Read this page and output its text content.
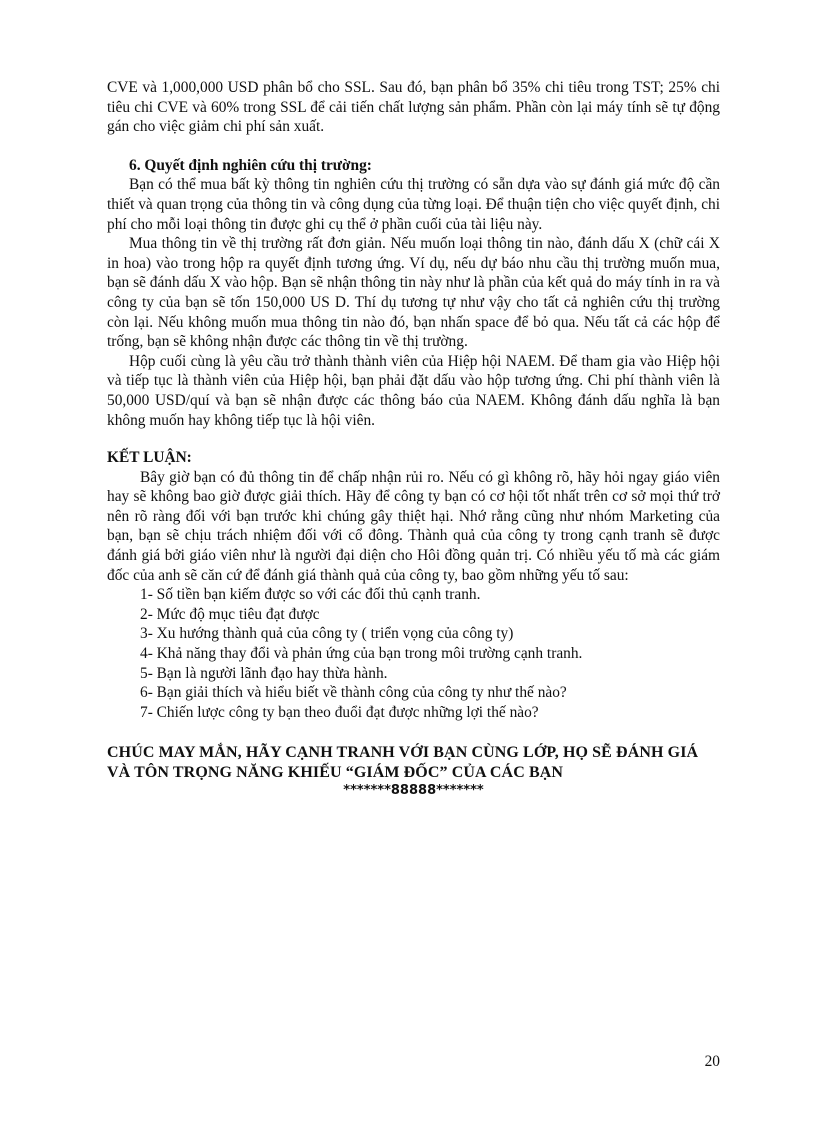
CVE và 1,000,000 USD phân bổ cho SSL. Sau đó, bạn phân bổ 35% chi tiêu trong TST; 25% chi tiêu chi CVE và 60% trong SSL để cải tiến chất lượng sản phẩm. Phần còn lại máy tính sẽ tự động gán cho việc giảm chi phí sản xuất.

6. Quyết định nghiên cứu thị trường:

Bạn có thể mua bất kỳ thông tin nghiên cứu thị trường có sẵn dựa vào sự đánh giá mức độ cần thiết và quan trọng của thông tin và công dụng của từng loại. Để thuận tiện cho việc quyết định, chi phí cho mỗi loại thông tin được ghi cụ thể ở phần cuối của tài liệu này.

Mua thông tin về thị trường rất đơn giản. Nếu muốn loại thông tin nào, đánh dấu X (chữ cái X in hoa) vào trong hộp ra quyết định tương ứng. Ví dụ, nếu dự báo nhu cầu thị trường muốn mua, bạn sẽ đánh dấu X vào hộp. Bạn sẽ nhận thông tin này như là phần của kết quả do máy tính in ra và công ty của bạn sẽ tốn 150,000 US D. Thí dụ tương tự như vậy cho tất cả nghiên cứu thị trường còn lại. Nếu không muốn mua thông tin nào đó, bạn nhấn space để bỏ qua. Nếu tất cả các hộp để trống, bạn sẽ không nhận được các thông tin về thị trường.

Hộp cuối cùng là yêu cầu trở thành thành viên của Hiệp hội NAEM. Để tham gia vào Hiệp hội và tiếp tục là thành viên của Hiệp hội, bạn phải đặt dấu vào hộp tương ứng. Chi phí thành viên là 50,000 USD/quí và bạn sẽ nhận được các thông báo của NAEM. Không đánh dấu nghĩa là bạn không muốn hay không tiếp tục là hội viên.

KẾT LUẬN:

Bây giờ bạn có đủ thông tin để chấp nhận rủi ro. Nếu có gì không rõ, hãy hỏi ngay giáo viên hay sẽ không bao giờ được giải thích. Hãy để công ty bạn có cơ hội tốt nhất trên cơ sở mọi thứ trở nên rõ ràng đối với bạn trước khi chúng gây thiệt hại. Nhớ rằng cũng như nhóm Marketing của bạn, bạn sẽ chịu trách nhiệm đối với cổ đông. Thành quả của công ty trong cạnh tranh sẽ được đánh giá bởi giáo viên như là người đại diện cho Hôi đồng quản trị. Có nhiều yếu tố mà các giám đốc của anh sẽ căn cứ để đánh giá thành quả của công ty, bao gồm những yếu tố sau:

1- Số tiền bạn kiếm được so với các đối thủ cạnh tranh.
2- Mức độ mục tiêu đạt được
3- Xu hướng thành quả của công ty ( triển vọng của công ty)
4- Khả năng thay đổi và phản ứng của bạn trong môi trường cạnh tranh.
5- Bạn là người lãnh đạo hay thừa hành.
6- Bạn giải thích và hiểu biết về thành công của công ty như thế nào?
7- Chiến lược công ty bạn theo đuổi đạt được những lợi thế nào?
CHÚC MAY MẮN, HÃY CẠNH TRANH VỚI BẠN CÙNG LỚP, HỌ SẼ ĐÁNH GIÁ
VÀ TÔN TRỌNG NĂNG KHIẾU “GIÁM ĐỐC” CỦA CÁC BẠN
*******88888*******
20
